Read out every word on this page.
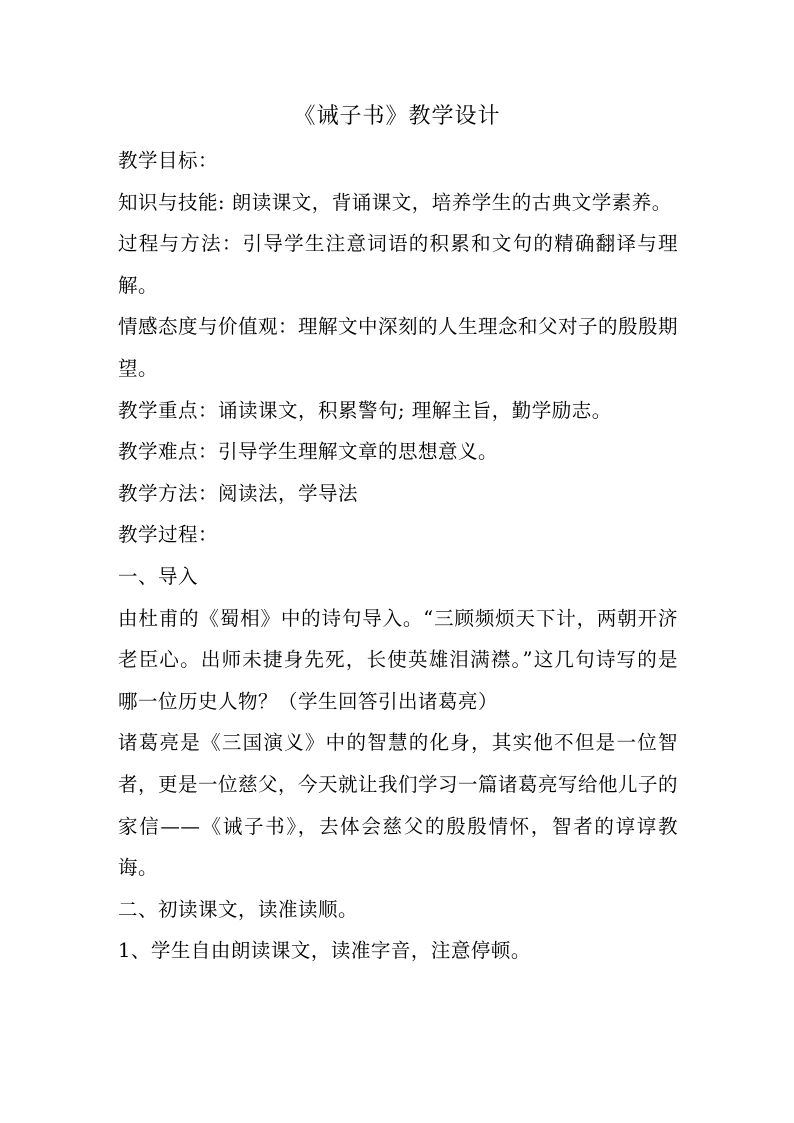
《诫子书》教学设计

教学目标：

知识与技能: 朗读课文，背诵课文，培养学生的古典文学素养。

过程与方法：引导学生注意词语的积累和文句的精确翻译与理解。

情感态度与价值观：理解文中深刻的人生理念和父对子的殷殷期望。

教学重点：诵读课文，积累警句; 理解主旨，勤学励志。

教学难点：引导学生理解文章的思想意义。

教学方法：阅读法，学导法

教学过程：

一、导入

由杜甫的《蜀相》中的诗句导入。“三顾频烦天下计，两朝开济老臣心。出师未捷身先死，长使英雄泪满襟。”这几句诗写的是哪一位历史人物？（学生回答引出诸葛亮）

诸葛亮是《三国演义》中的智慧的化身，其实他不但是一位智者，更是一位慈父，今天就让我们学习一篇诸葛亮写给他儿子的家信——《诫子书》，去体会慈父的殷殷情怀，智者的谆谆教诲。

二、初读课文，读准读顺。

1、学生自由朗读课文，读准字音，注意停顿。
